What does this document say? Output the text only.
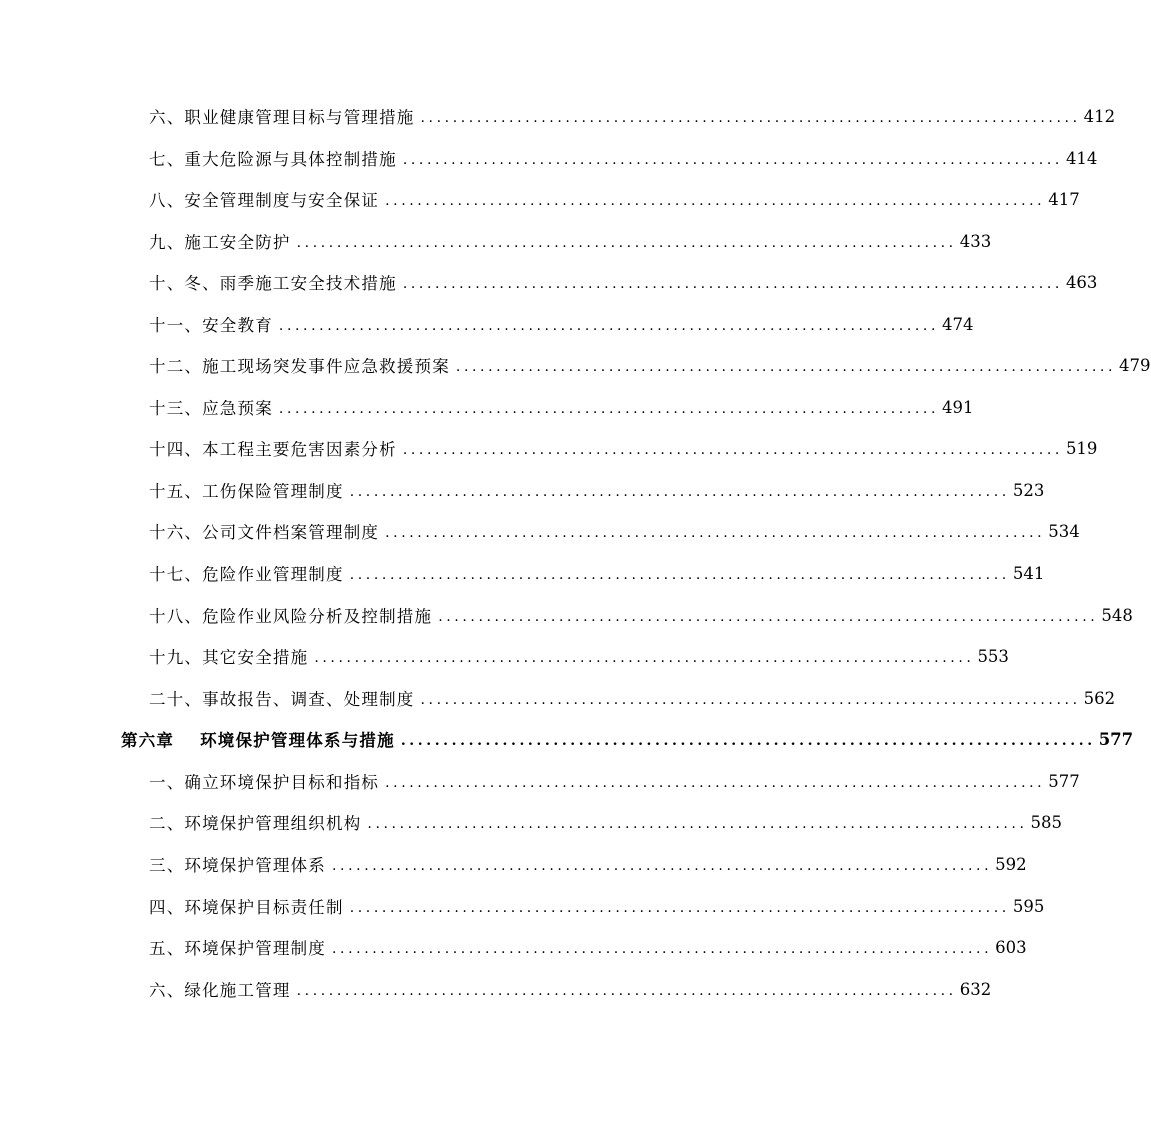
六、职业健康管理目标与管理措施 .................................................................................. 412
七、重大危险源与具体控制措施 .................................................................................. 414
八、安全管理制度与安全保证 .................................................................................. 417
九、施工安全防护 .................................................................................. 433
十、冬、雨季施工安全技术措施 .................................................................................. 463
十一、安全教育 .................................................................................. 474
十二、施工现场突发事件应急救援预案 .................................................................................. 479
十三、应急预案 .................................................................................. 491
十四、本工程主要危害因素分析 .................................................................................. 519
十五、工伤保险管理制度 .................................................................................. 523
十六、公司文件档案管理制度 .................................................................................. 534
十七、危险作业管理制度 .................................................................................. 541
十八、危险作业风险分析及控制措施 .................................................................................. 548
十九、其它安全措施 .................................................................................. 553
二十、事故报告、调查、处理制度 .................................................................................. 562
第六章 环境保护管理体系与措施 .................................................................................. 577
一、确立环境保护目标和指标 .................................................................................. 577
二、环境保护管理组织机构 .................................................................................. 585
三、环境保护管理体系 .................................................................................. 592
四、环境保护目标责任制 .................................................................................. 595
五、环境保护管理制度 .................................................................................. 603
六、绿化施工管理 .................................................................................. 632
